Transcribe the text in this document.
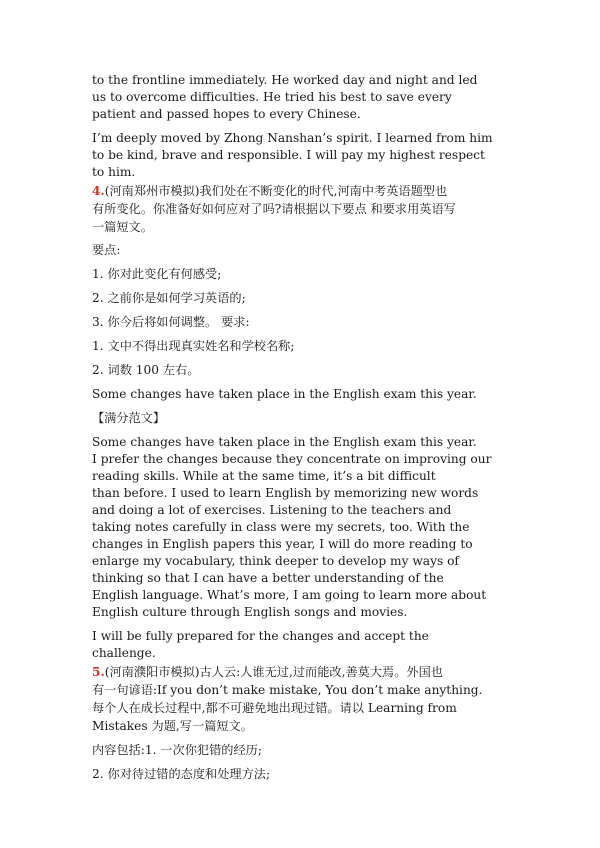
to the frontline immediately. He worked day and night and led
us to overcome difficulties. He tried his best to save every
patient and passed hopes to every Chinese.
I’m deeply moved by Zhong Nanshan’s spirit. I learned from him
to be kind, brave and responsible. I will pay my highest respect
to him.
4.(河南郑州市模拟)我们处在不断变化的时代,河南中考英语题型也
有所变化。你准备好如何应对了吗?请根据以下要点 和要求用英语写
一篇短文。
要点:
1. 你对此变化有何感受;
2. 之前你是如何学习英语的;
3. 你今后将如何调整。 要求:
1. 文中不得出现真实姓名和学校名称;
2. 词数 100 左右。
Some changes have taken place in the English exam this year.
【满分范文】
Some changes have taken place in the English exam this year.
I prefer the changes because they concentrate on improving our
reading skills. While at the same time, it’s a bit difficult
than before. I used to learn English by memorizing new words
and doing a lot of exercises. Listening to the teachers and
taking notes carefully in class were my secrets, too. With the
changes in English papers this year, I will do more reading to
enlarge my vocabulary, think deeper to develop my ways of
thinking so that I can have a better understanding of the
English language. What’s more, I am going to learn more about
English culture through English songs and movies.
I will be fully prepared for the changes and accept the
challenge.
5.(河南濮阳市模拟)古人云:人谁无过,过而能改,善莫大焉。外国也
有一句谚语:If you don’t make mistake, You don’t make anything.
每个人在成长过程中,都不可避免地出现过错。请以 Learning from
Mistakes 为题,写一篇短文。
内容包括:1. 一次你犯错的经历;
2. 你对待过错的态度和处理方法;
